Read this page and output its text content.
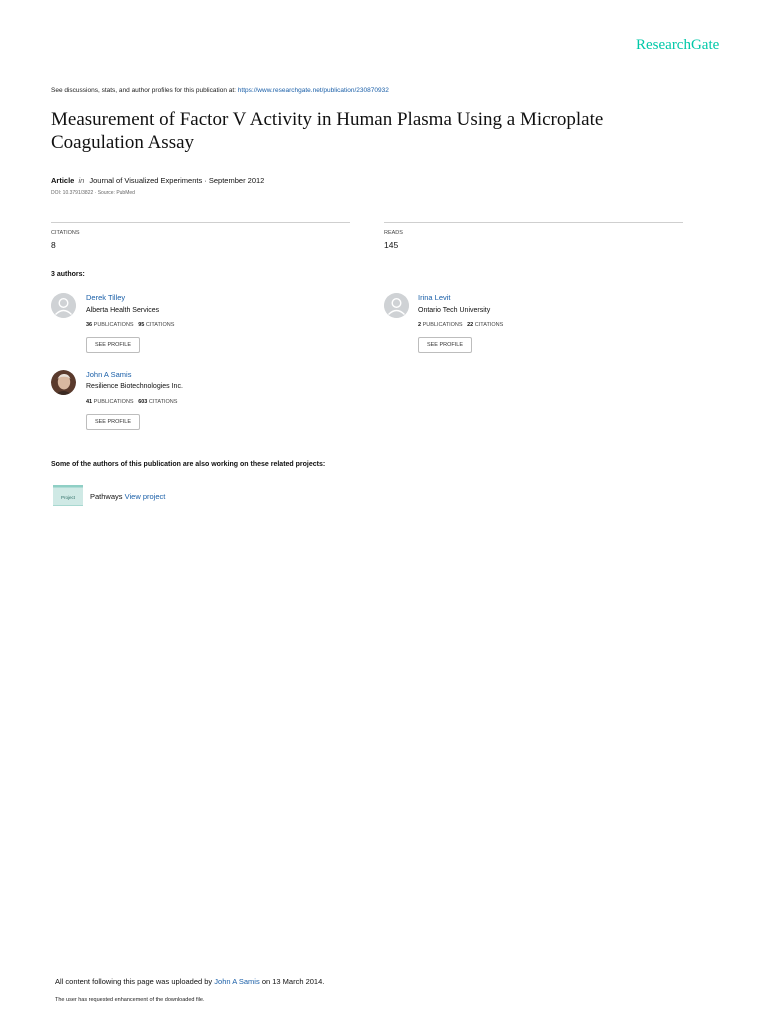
ResearchGate
See discussions, stats, and author profiles for this publication at: https://www.researchgate.net/publication/230870932
Measurement of Factor V Activity in Human Plasma Using a Microplate Coagulation Assay
Article in Journal of Visualized Experiments · September 2012
DOI: 10.3791/3822 · Source: PubMed
CITATIONS
8
READS
145
3 authors:
Derek Tilley
Alberta Health Services
36 PUBLICATIONS 95 CITATIONS
SEE PROFILE
Irina Levit
Ontario Tech University
2 PUBLICATIONS 22 CITATIONS
SEE PROFILE
John A Samis
Resilience Biotechnologies Inc.
41 PUBLICATIONS 603 CITATIONS
SEE PROFILE
Some of the authors of this publication are also working on these related projects:
Project Pathways View project
All content following this page was uploaded by John A Samis on 13 March 2014.
The user has requested enhancement of the downloaded file.
